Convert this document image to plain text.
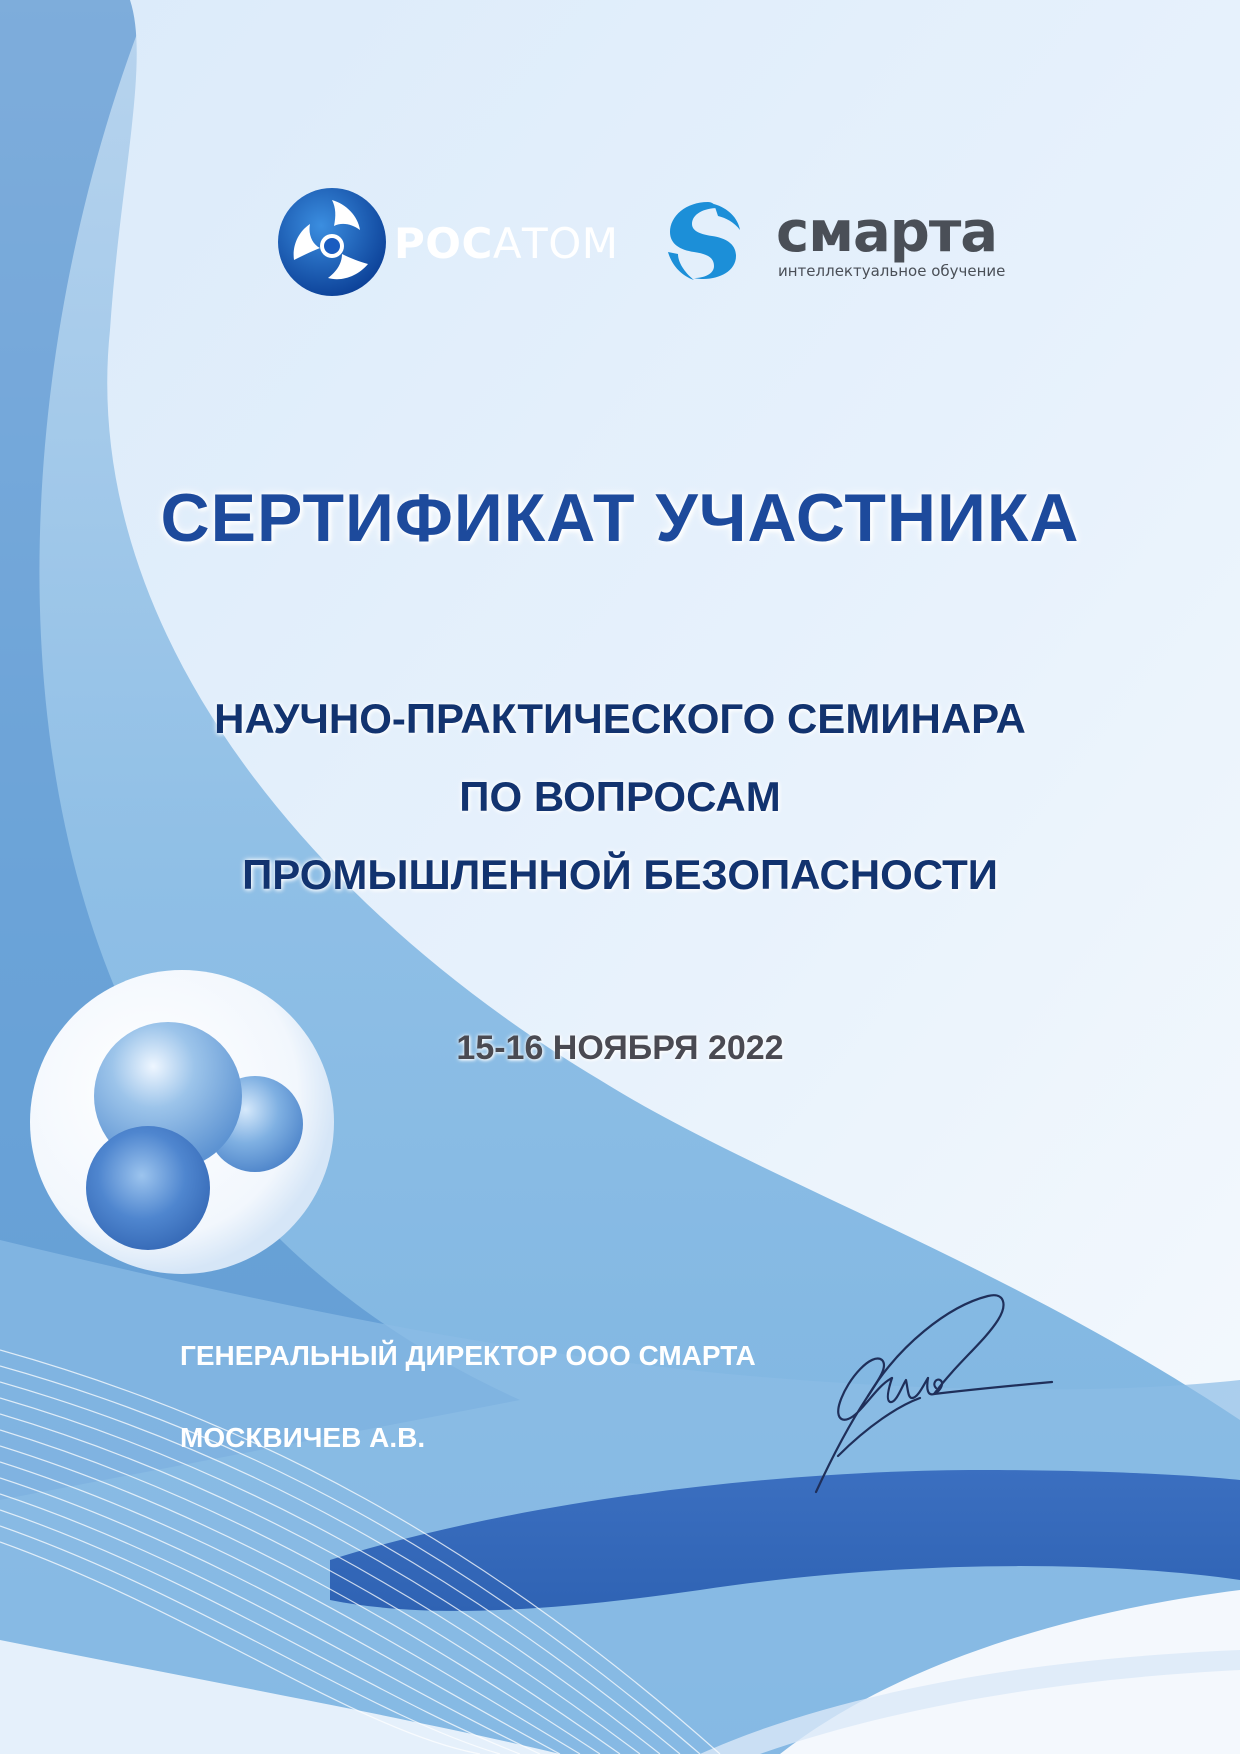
РОСАТОМ	смарта
интеллектуальное обучение
СЕРТИФИКАТ УЧАСТНИКА
НАУЧНО-ПРАКТИЧЕСКОГО СЕМИНАРА
ПО ВОПРОСАМ
ПРОМЫШЛЕННОЙ БЕЗОПАСНОСТИ
15-16 НОЯБРЯ 2022
ГЕНЕРАЛЬНЫЙ ДИРЕКТОР ООО СМАРТА
МОСКВИЧЕВ А.В.
